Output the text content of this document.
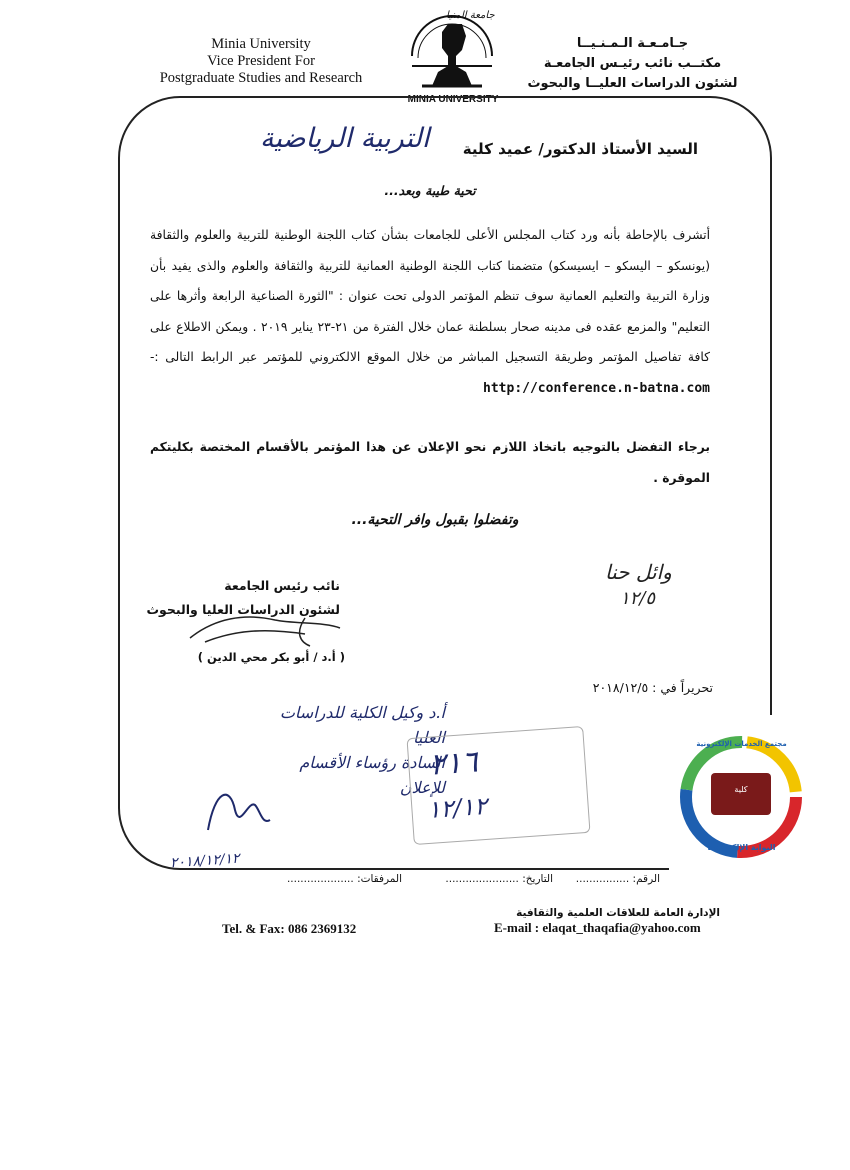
Minia University
Vice President For
Postgraduate Studies and Research
جامعة المنيا
MINIA UNIVERSITY
جـامـعـة الـمـنـيــا
مكتــب نائب رئيـس الجامعـة
لشئون الدراسات العليــا والبحوث
السيد الأستاذ الدكتور/ عميد كلية
التربية الرياضية
تحية طيبة وبعد...
أتشرف بالإحاطة بأنه ورد كتاب المجلس الأعلى للجامعات بشأن كتاب اللجنة الوطنية للتربية والعلوم والثقافة (يونسكو – اليسكو – ايسيسكو) متضمنا كتاب اللجنة الوطنية العمانية للتربية والثقافة والعلوم والذى يفيد بأن وزارة التربية والتعليم العمانية سوف تنظم المؤتمر الدولى تحت عنوان : "الثورة الصناعية الرابعة وأثرها على التعليم" والمزمع عقده فى مدينه صحار بسلطنة عمان خلال الفترة من ٢١-٢٣ يناير ٢٠١٩ . ويمكن الاطلاع على كافة تفاصيل المؤتمر وطريقة التسجيل المباشر من خلال الموقع الالكتروني للمؤتمر عبر الرابط التالى :- http://conference.n-batna.com
برجاء التفضل بالتوجيه باتخاذ اللازم نحو الإعلان عن هذا المؤتمر بالأقسام المختصة بكليتكم الموقرة .
وتفضلوا بقبول وافر التحية...
نائب رئيس الجامعة
لشئون الدراسات العليا والبحوث
( أ.د / أبو بكر محي الدين )
وائل حنا
١٢/٥
تحريراً في : ٢٠١٨/١٢/٥
أ.د وكيل الكلية للدراسات العليا
السادة رؤساء الأقسام
للإعلان
٢١٦
١٢/١٢
٢٠١٨/١٢/١٢
مجتمع الخدمات الإلكترونية
كلية
البوابة الإلكترونية
الرقم: ................
التاريخ: ......................
المرفقات: ....................
الإدارة العامة للعلاقات العلمية والثقافية
Tel. & Fax: 086 2369132	E-mail : elaqat_thaqafia@yahoo.com
